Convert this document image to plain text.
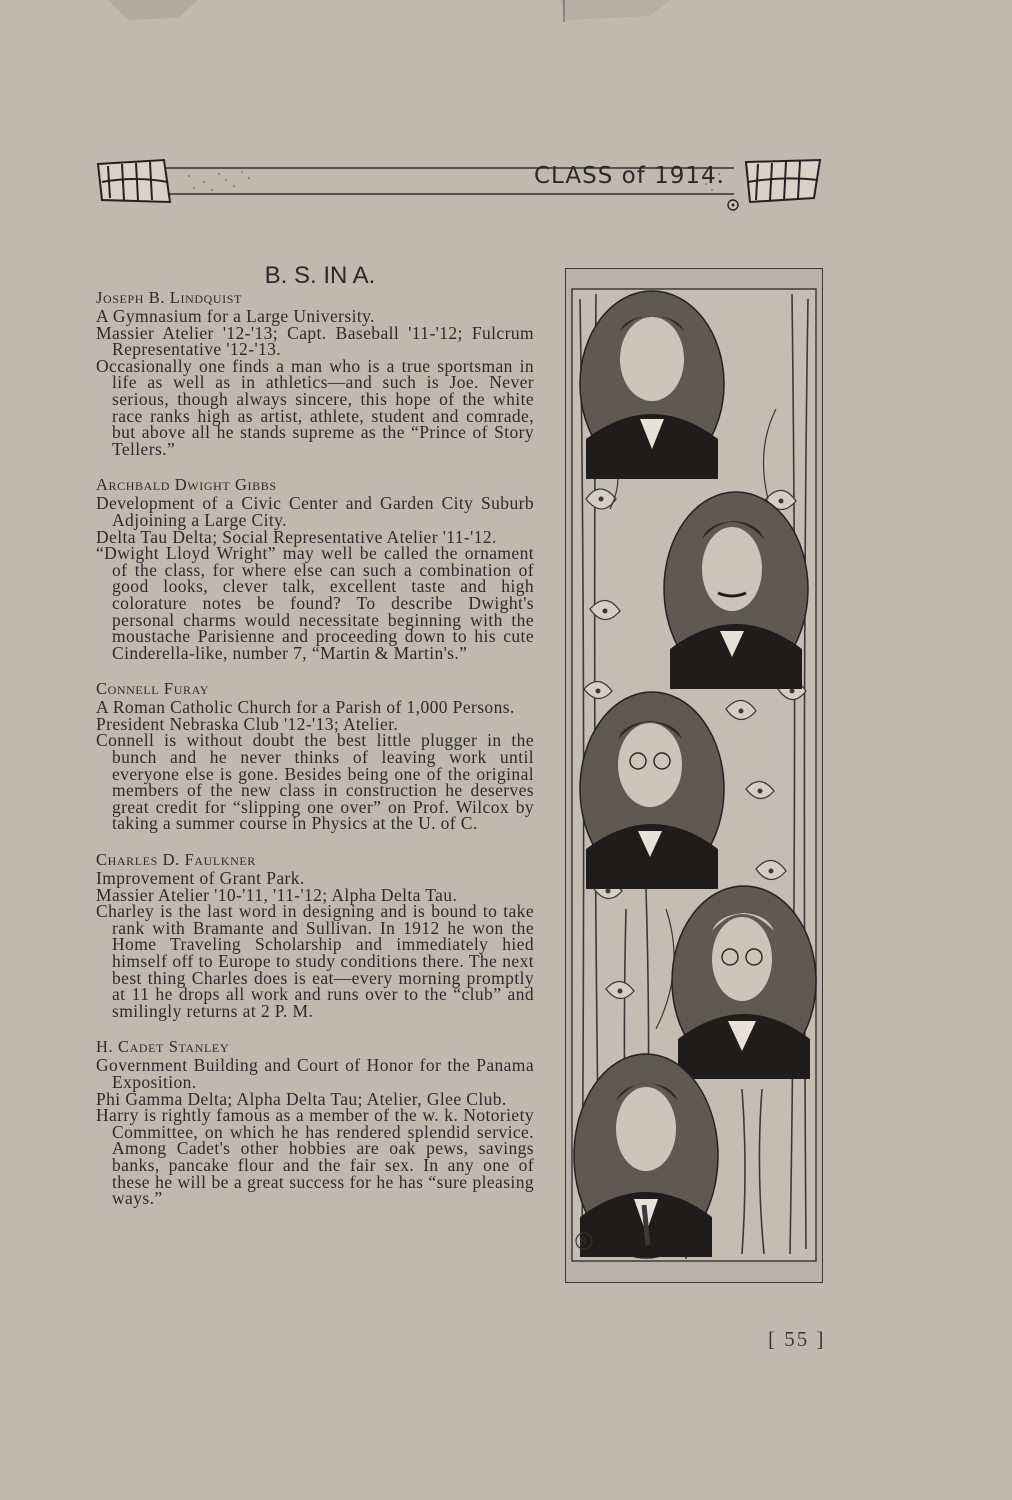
CLASS of 1914.
B. S. IN A.
Joseph B. Lindquist

A Gymnasium for a Large University.

Massier Atelier '12-'13; Capt. Baseball '11-'12; Fulcrum Representative '12-'13.

Occasionally one finds a man who is a true sportsman in life as well as in athletics—and such is Joe. Never serious, though always sincere, this hope of the white race ranks high as artist, athlete, student and comrade, but above all he stands supreme as the “Prince of Story Tellers.”

Archbald Dwight Gibbs

Development of a Civic Center and Garden City Suburb Adjoining a Large City.

Delta Tau Delta; Social Representative Atelier '11-'12.

“Dwight Lloyd Wright” may well be called the ornament of the class, for where else can such a combination of good looks, clever talk, excellent taste and high colorature notes be found? To describe Dwight's personal charms would necessitate beginning with the moustache Parisienne and proceeding down to his cute Cinderella-like, number 7, “Martin & Martin's.”

Connell Furay

A Roman Catholic Church for a Parish of 1,000 Persons.

President Nebraska Club '12-'13; Atelier.

Connell is without doubt the best little plugger in the bunch and he never thinks of leaving work until everyone else is gone. Besides being one of the original members of the new class in construction he deserves great credit for “slipping one over” on Prof. Wilcox by taking a summer course in Physics at the U. of C.

Charles D. Faulkner

Improvement of Grant Park.

Massier Atelier '10-'11, '11-'12; Alpha Delta Tau.

Charley is the last word in designing and is bound to take rank with Bramante and Sullivan. In 1912 he won the Home Traveling Scholarship and immediately hied himself off to Europe to study conditions there. The next best thing Charles does is eat—every morning promptly at 11 he drops all work and runs over to the “club” and smilingly returns at 2 P. M.

H. Cadet Stanley

Government Building and Court of Honor for the Panama Exposition.

Phi Gamma Delta; Alpha Delta Tau; Atelier, Glee Club.

Harry is rightly famous as a member of the w. k. Notoriety Committee, on which he has rendered splendid service. Among Cadet's other hobbies are oak pews, savings banks, pancake flour and the fair sex. In any one of these he will be a great success for he has “sure pleasing ways.”

B
[ 55 ]
